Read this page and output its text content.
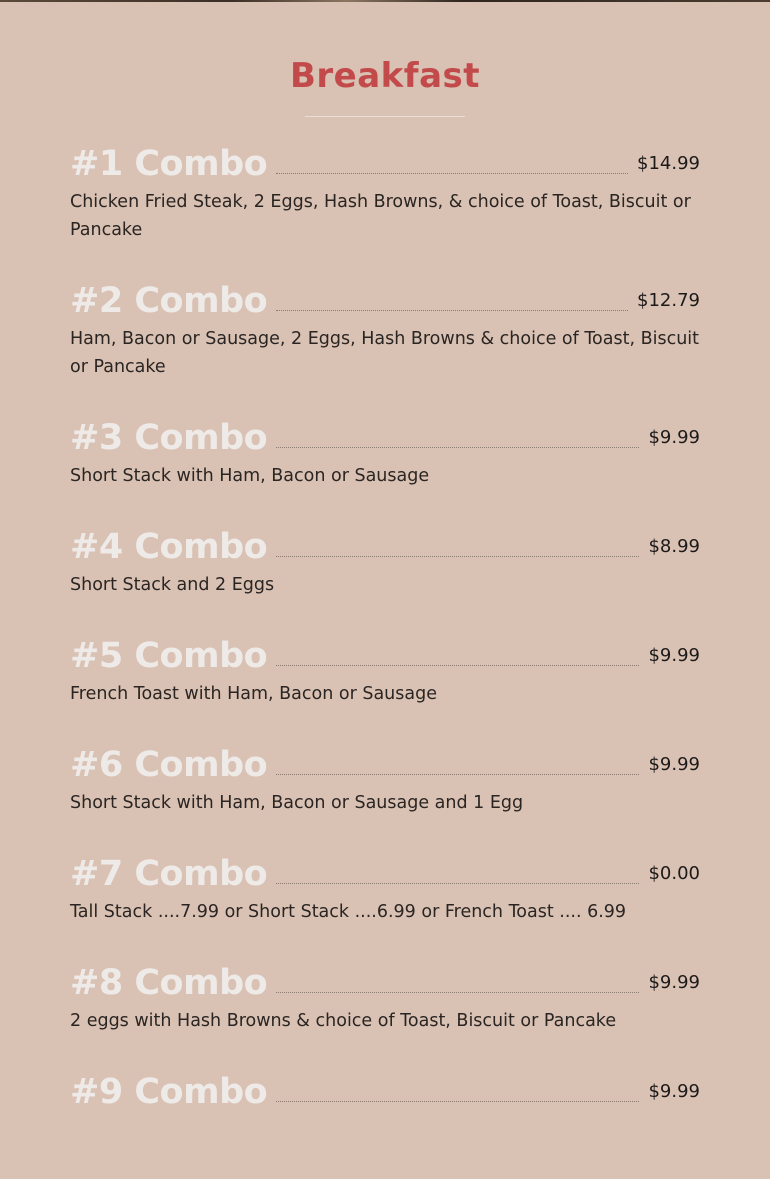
Breakfast
#1 Combo	$14.99
Chicken Fried Steak, 2 Eggs, Hash Browns, & choice of Toast, Biscuit or Pancake
#2 Combo	$12.79
Ham, Bacon or Sausage, 2 Eggs, Hash Browns & choice of Toast, Biscuit or Pancake
#3 Combo	$9.99
Short Stack with Ham, Bacon or Sausage
#4 Combo	$8.99
Short Stack and 2 Eggs
#5 Combo	$9.99
French Toast with Ham, Bacon or Sausage
#6 Combo	$9.99
Short Stack with Ham, Bacon or Sausage and 1 Egg
#7 Combo	$0.00
Tall Stack ....7.99 or Short Stack ....6.99 or French Toast .... 6.99
#8 Combo	$9.99
2 eggs with Hash Browns & choice of Toast, Biscuit or Pancake
#9 Combo	$9.99
